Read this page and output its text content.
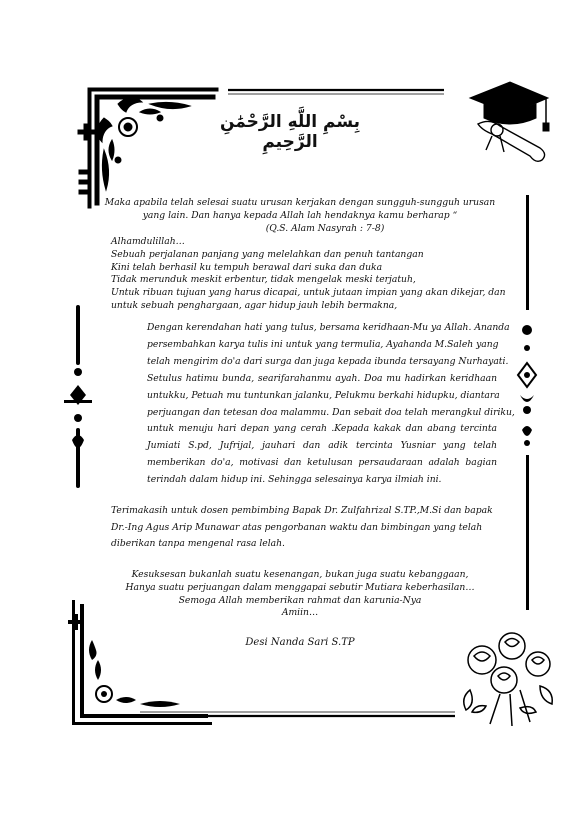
بِسْمِ اللَّهِ الرَّحْمَٰنِ الرَّحِيمِ
Maka apabila telah selesai suatu urusan kerjakan dengan sungguh-sungguh urusan
yang lain. Dan hanya kepada Allah lah hendaknya kamu berharap “
(Q.S. Alam Nasyrah : 7-8)
Alhamdulillah…
Sebuah perjalanan panjang yang melelahkan dan penuh tantangan
Kini telah berhasil ku tempuh berawal dari suka dan duka
Tidak merunduk meskit erbentur, tidak mengelak meski terjatuh,
Untuk ribuan tujuan yang harus dicapai, untuk jutaan impian yang akan dikejar, dan
untuk sebuah penghargaan, agar hidup jauh lebih bermakna,
Dengan kerendahan hati yang tulus, bersama keridhaan-Mu ya Allah. Ananda
persembahkan karya tulis ini untuk yang termulia, Ayahanda M.Saleh yang
telah mengirim do'a dari surga dan juga kepada ibunda tersayang Nurhayati.
Setulus hatimu bunda, searifarahanmu ayah. Doa mu hadirkan keridhaan
untukku, Petuah mu tuntunkan jalanku, Pelukmu berkahi hidupku, diantara
perjuangan dan tetesan doa malammu. Dan sebait doa telah merangkul diriku,
untuk menuju hari depan yang cerah .Kepada kakak dan abang tercinta
Jumiati S.pd, Jufrijal, jauhari dan adik tercinta Yusniar yang telah
memberikan do'a, motivasi dan ketulusan persaudaraan adalah bagian
terindah dalam hidup ini. Sehingga selesainya karya ilmiah ini.
Terimakasih untuk dosen pembimbing Bapak Dr. Zulfahrizal S.TP.,M.Si dan bapak
Dr.-Ing Agus Arip Munawar atas pengorbanan waktu dan bimbingan yang telah
diberikan tanpa mengenal rasa lelah.
Kesuksesan bukanlah suatu kesenangan, bukan juga suatu kebanggaan,
Hanya suatu perjuangan dalam menggapai sebutir Mutiara keberhasilan…
Semoga Allah memberikan rahmat dan karunia-Nya
Amiin…
Desi Nanda Sari S.TP
